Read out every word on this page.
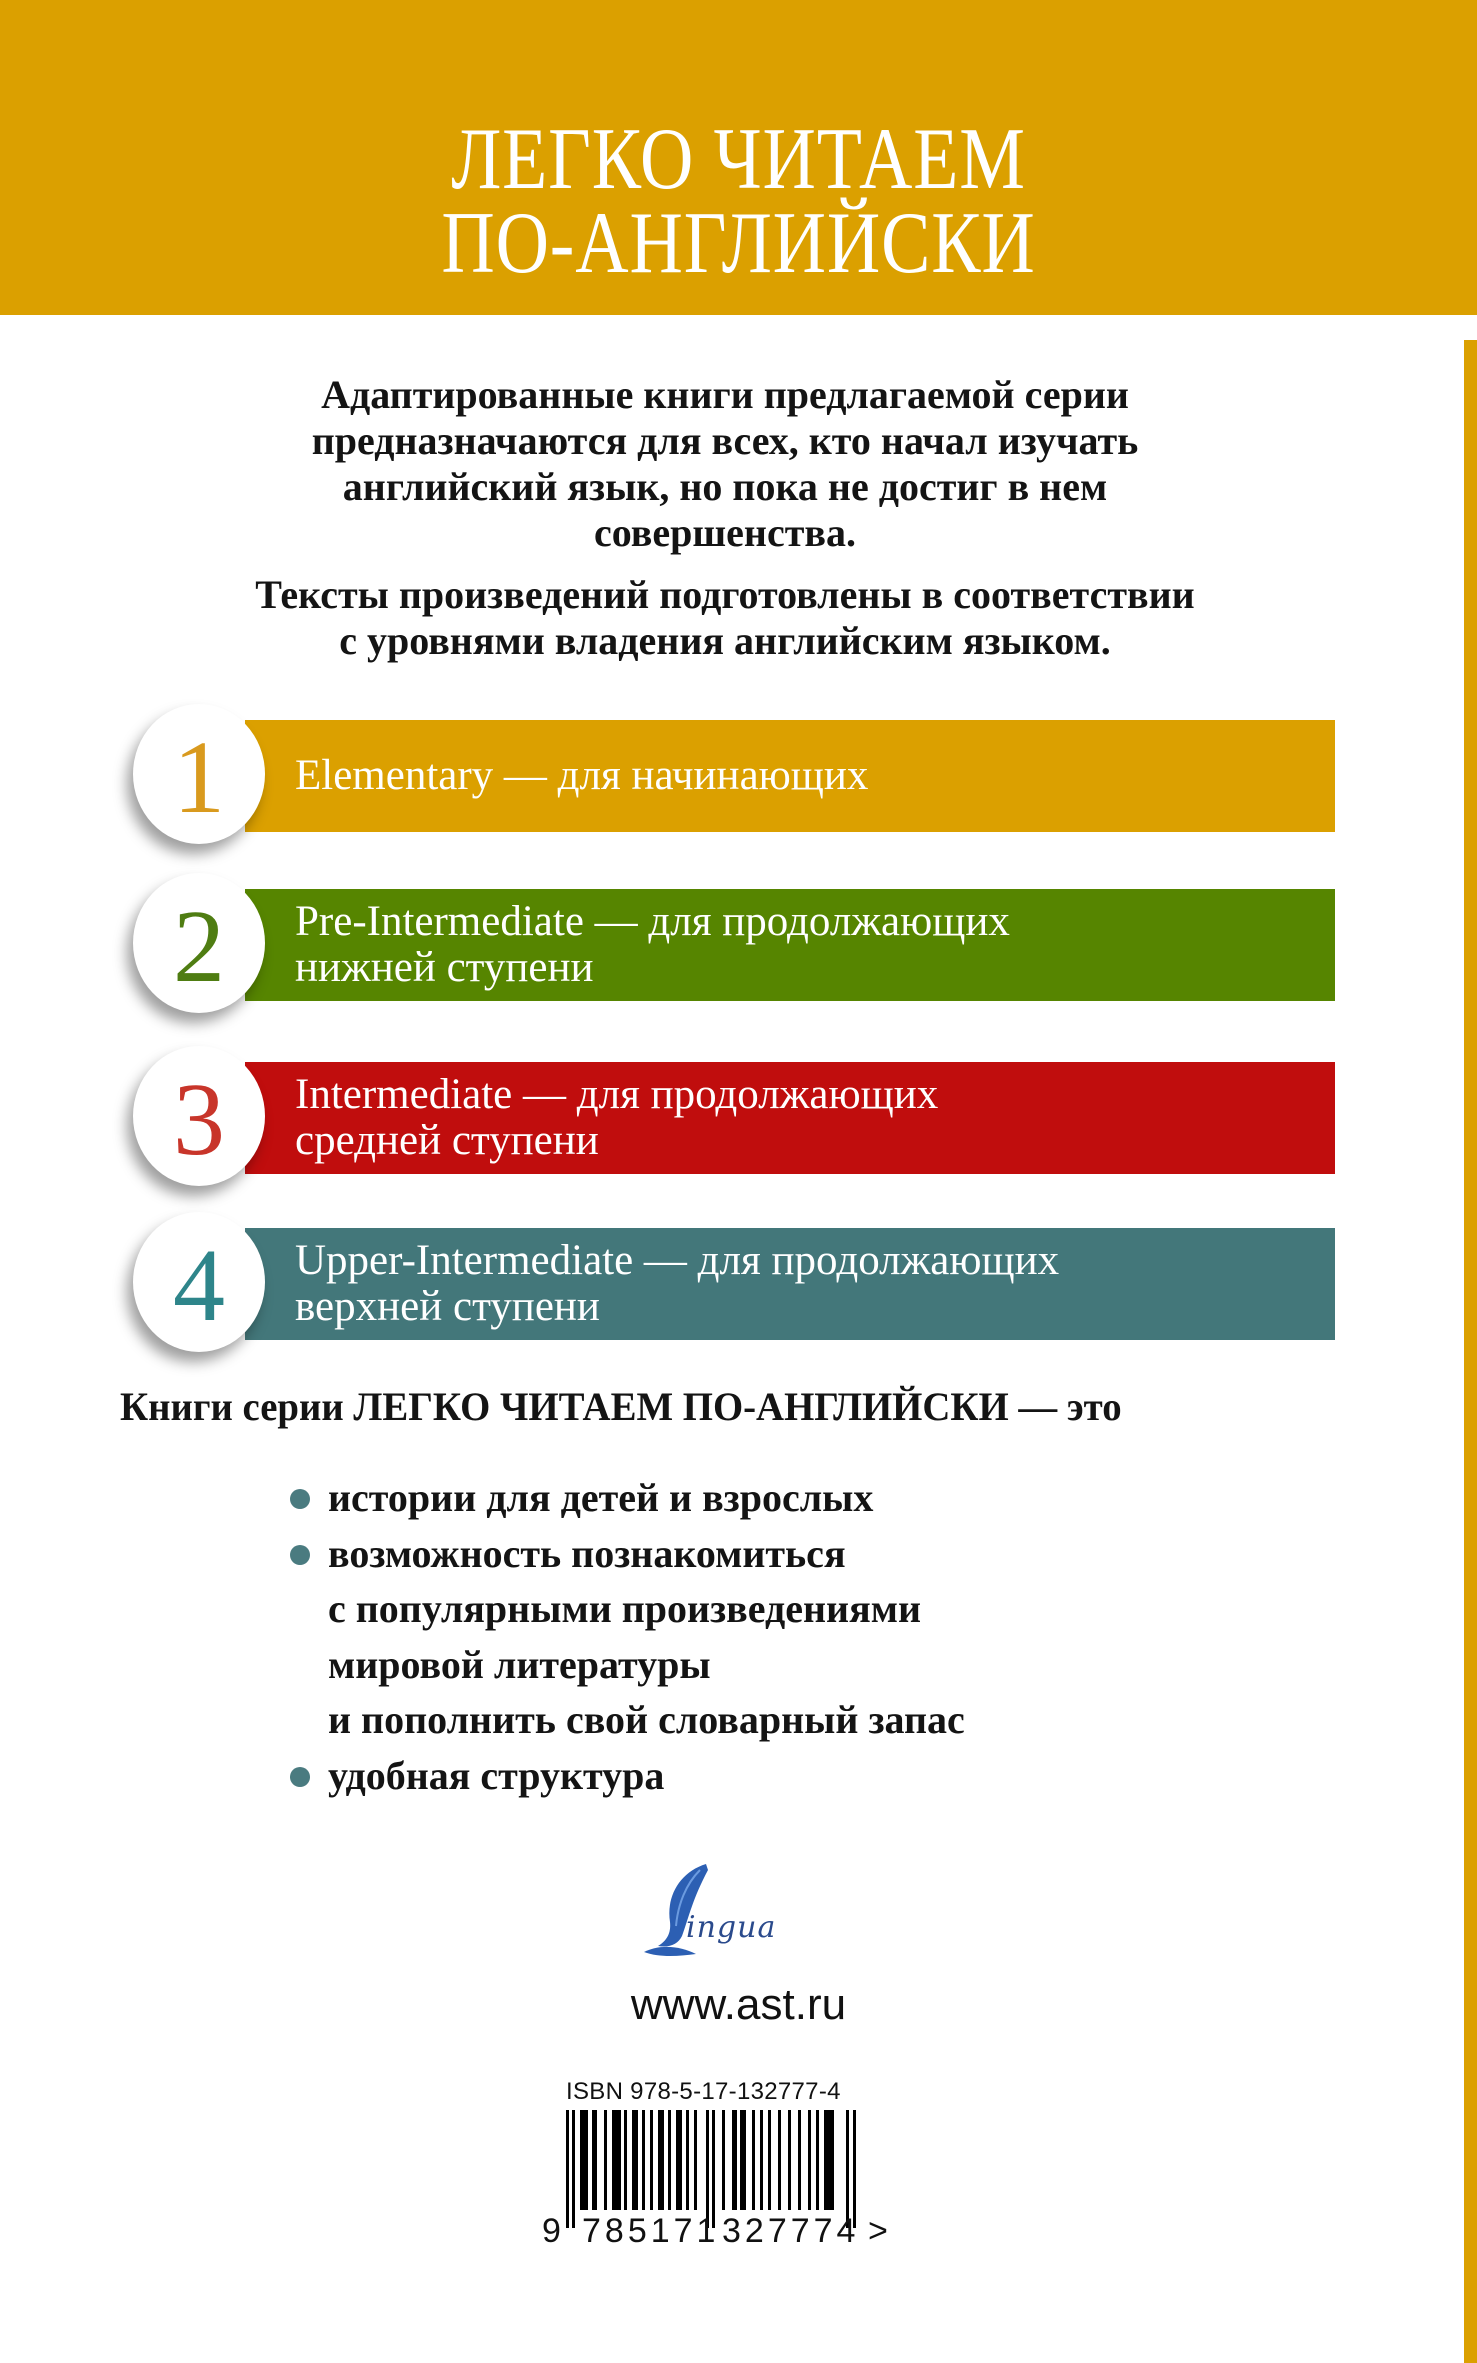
ЛЕГКО ЧИТАЕМ
ПО-АНГЛИЙСКИ

Адаптированные книги предлагаемой серии

предназначаются для всех, кто начал изучать

английский язык, но пока не достиг в нем

совершенства.

Тексты произведений подготовлены в соответствии

с уровнями владения английским языком.

Elementary — для начинающих
1
Pre-Intermediate — для продолжающих
нижней ступени
2
Intermediate — для продолжающих
средней ступени
3
Upper-Intermediate — для продолжающих
верхней ступени
4
Книги серии ЛЕГКО ЧИТАЕМ ПО-АНГЛИЙСКИ — это
истории для детей и взрослых
возможность познакомиться
с популярными произведениями
мировой литературы
и пополнить свой словарный запас
удобная структура
ingua
www.ast.ru
ISBN 978-5-17-132777-4
9 785171 327774 >
